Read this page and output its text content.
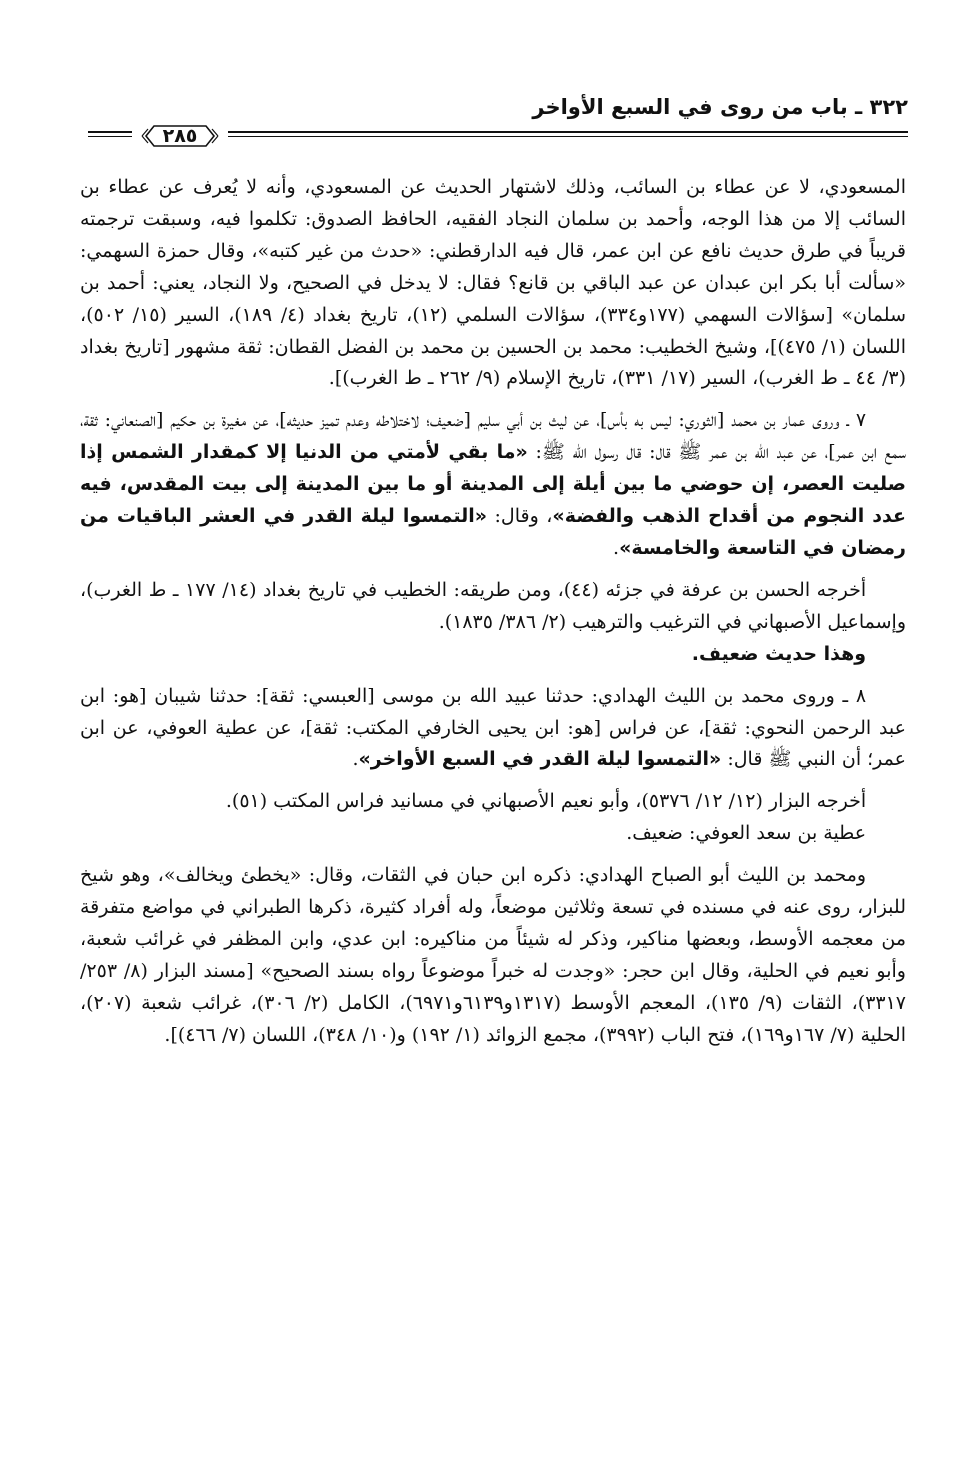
٣٢٢ ـ باب من روى في السبع الأواخر
٢٨٥

المسعودي، لا عن عطاء بن السائب، وذلك لاشتهار الحديث عن المسعودي، وأنه لا يُعرف عن عطاء بن السائب إلا من هذا الوجه، وأحمد بن سلمان النجاد الفقيه، الحافظ الصدوق: تكلموا فيه، وسبقت ترجمته قريباً في طرق حديث نافع عن ابن عمر، قال فيه الدارقطني: «حدث من غير كتبه»، وقال حمزة السهمي: «سألت أبا بكر ابن عبدان عن عبد الباقي بن قانع؟ فقال: لا يدخل في الصحيح، ولا النجاد، يعني: أحمد بن سلمان» [سؤالات السهمي (١٧٧و٣٣٤)، سؤالات السلمي (١٢)، تاريخ بغداد (٤/ ١٨٩)، السير (١٥/ ٥٠٢)، اللسان (١/ ٤٧٥)]، وشيخ الخطيب: محمد بن الحسين بن محمد بن الفضل القطان: ثقة مشهور [تاريخ بغداد (٣/ ٤٤ ـ ط الغرب)، السير (١٧/ ٣٣١)، تاريخ الإسلام (٩/ ٢٦٢ ـ ط الغرب)].

٧ ـ وروى عمار بن محمد [الثوري: ليس به بأس]، عن ليث بن أبي سليم [ضعيف؛ لاختلاطه وعدم تميز حديثه]، عن مغيرة بن حكيم [الصنعاني: ثقة، سمع ابن عمر]، عن عبد الله بن عمر ﷺ قال: قال رسول الله ﷺ: «ما بقي لأمتي من الدنيا إلا كمقدار الشمس إذا صليت العصر، إن حوضي ما بين أيلة إلى المدينة أو ما بين المدينة إلى بيت المقدس، فيه عدد النجوم من أقداح الذهب والفضة»، وقال: «التمسوا ليلة القدر في العشر الباقيات من رمضان في التاسعة والخامسة».

أخرجه الحسن بن عرفة في جزئه (٤٤)، ومن طريقه: الخطيب في تاريخ بغداد (١٤/ ١٧٧ ـ ط الغرب)، وإسماعيل الأصبهاني في الترغيب والترهيب (٢/ ٣٨٦/ ١٨٣٥).

وهذا حديث ضعيف.

٨ ـ وروى محمد بن الليث الهدادي: حدثنا عبيد الله بن موسى [العبسي: ثقة]: حدثنا شيبان [هو: ابن عبد الرحمن النحوي: ثقة]، عن فراس [هو: ابن يحيى الخارفي المكتب: ثقة]، عن عطية العوفي، عن ابن عمر؛ أن النبي ﷺ قال: «التمسوا ليلة القدر في السبع الأواخر».

أخرجه البزار (١٢/ ١٢/ ٥٣٧٦)، وأبو نعيم الأصبهاني في مسانيد فراس المكتب (٥١).

عطية بن سعد العوفي: ضعيف.

ومحمد بن الليث أبو الصباح الهدادي: ذكره ابن حبان في الثقات، وقال: «يخطئ ويخالف»، وهو شيخ للبزار، روى عنه في مسنده في تسعة وثلاثين موضعاً، وله أفراد كثيرة، ذكرها الطبراني في مواضع متفرقة من معجمه الأوسط، وبعضها مناكير، وذكر له شيئاً من مناكيره: ابن عدي، وابن المظفر في غرائب شعبة، وأبو نعيم في الحلية، وقال ابن حجر: «وجدت له خبراً موضوعاً رواه بسند الصحيح» [مسند البزار (٨/ ٢٥٣/ ٣٣١٧)، الثقات (٩/ ١٣٥)، المعجم الأوسط (١٣١٧و٦١٣٩و٦٩٧١)، الكامل (٢/ ٣٠٦)، غرائب شعبة (٢٠٧)، الحلية (٧/ ١٦٧و١٦٩)، فتح الباب (٣٩٩٢)، مجمع الزوائد (١/ ١٩٢) و(١٠/ ٣٤٨)، اللسان (٧/ ٤٦٦)].
